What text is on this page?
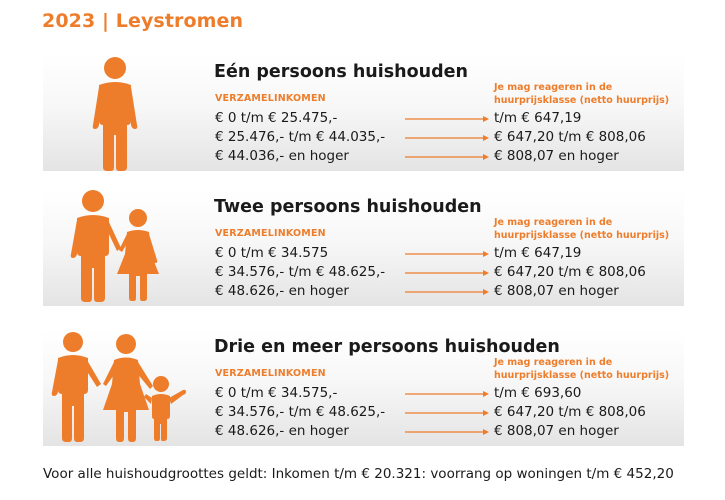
2023 | Leystromen
Eén persoons huishouden
VERZAMELINKOMEN
Je mag reageren in de huurprijsklasse (netto huurprijs)
€ 0 t/m € 25.475,-	t/m € 647,19
€ 25.476,- t/m € 44.035,-	€ 647,20 t/m € 808,06
€ 44.036,- en hoger	€ 808,07 en hoger
Twee persoons huishouden
VERZAMELINKOMEN
Je mag reageren in de huurprijsklasse (netto huurprijs)
€ 0 t/m € 34.575	t/m € 647,19
€ 34.576,- t/m € 48.625,-	€ 647,20 t/m € 808,06
€ 48.626,- en hoger	€ 808,07 en hoger
Drie en meer persoons huishouden
VERZAMELINKOMEN
Je mag reageren in de huurprijsklasse (netto huurprijs)
€ 0 t/m € 34.575,-	t/m € 693,60
€ 34.576,- t/m € 48.625,-	€ 647,20 t/m € 808,06
€ 48.626,- en hoger	€ 808,07 en hoger
Voor alle huishoudgroottes geldt: Inkomen t/m € 20.321: voorrang op woningen t/m € 452,20
